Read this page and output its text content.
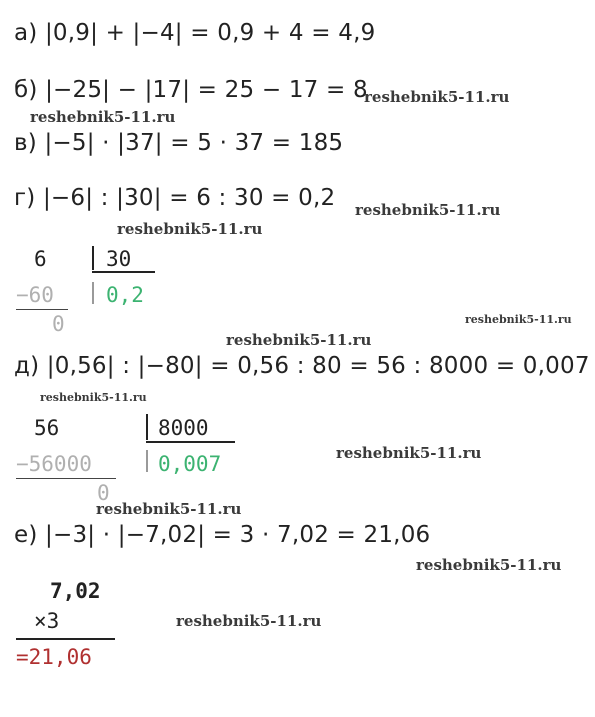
а) |0,9| + |−4| = 0,9 + 4 = 4,9
б) |−25| − |17| = 25 − 17 = 8
в) |−5| · |37| = 5 · 37 = 185
г) |−6| : |30| = 6 : 30 = 0,2
д) |0,56| : |−80| = 0,56 : 80 = 56 : 8000 = 0,007
е) |−3| · |−7,02| = 3 · 7,02 = 21,06
reshebnik5-11.ru
reshebnik5-11.ru
reshebnik5-11.ru
reshebnik5-11.ru
reshebnik5-11.ru
reshebnik5-11.ru
reshebnik5-11.ru
reshebnik5-11.ru
reshebnik5-11.ru
reshebnik5-11.ru
reshebnik5-11.ru
6	30
−60 0,2
0
56	8000
−56000	0,007
0
7,02
×3
=21,06
